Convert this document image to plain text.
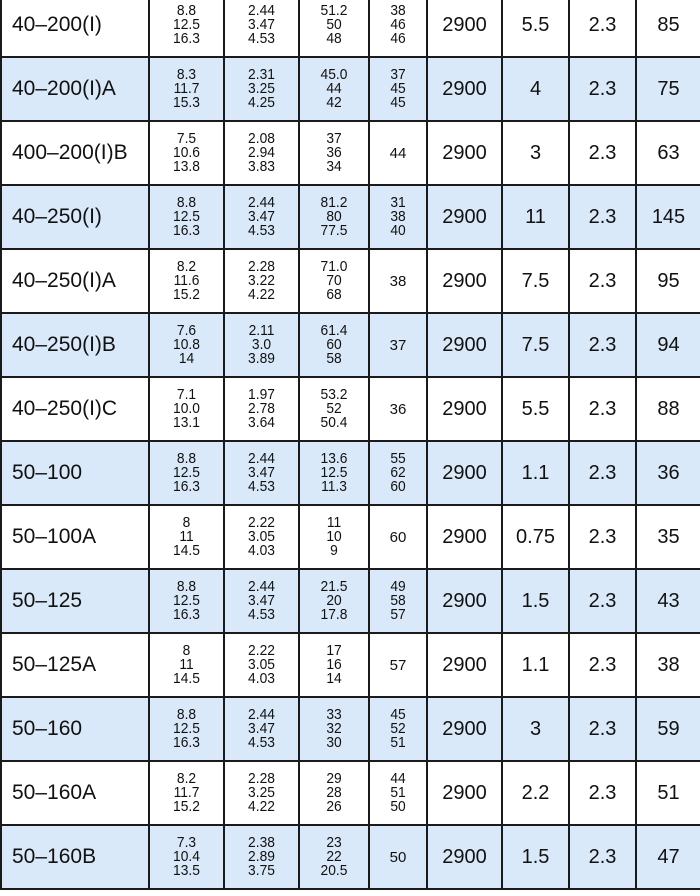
40–200(I)	8.8
12.5
16.3	2.44
3.47
4.53	51.2
50
48	38
46
46	2900	5.5	2.3	85
40–200(I)A	8.3
11.7
15.3	2.31
3.25
4.25	45.0
44
42	37
45
45	2900	4	2.3	75
400–200(I)B	7.5
10.6
13.8	2.08
2.94
3.83	37
36
34	44	2900	3	2.3	63
40–250(I)	8.8
12.5
16.3	2.44
3.47
4.53	81.2
80
77.5	31
38
40	2900	11	2.3	145
40–250(I)A	8.2
11.6
15.2	2.28
3.22
4.22	71.0
70
68	38	2900	7.5	2.3	95
40–250(I)B	7.6
10.8
14	2.11
3.0
3.89	61.4
60
58	37	2900	7.5	2.3	94
40–250(I)C	7.1
10.0
13.1	1.97
2.78
3.64	53.2
52
50.4	36	2900	5.5	2.3	88
50–100	8.8
12.5
16.3	2.44
3.47
4.53	13.6
12.5
11.3	55
62
60	2900	1.1	2.3	36
50–100A	8
11
14.5	2.22
3.05
4.03	11
10
9	60	2900	0.75	2.3	35
50–125	8.8
12.5
16.3	2.44
3.47
4.53	21.5
20
17.8	49
58
57	2900	1.5	2.3	43
50–125A	8
11
14.5	2.22
3.05
4.03	17
16
14	57	2900	1.1	2.3	38
50–160	8.8
12.5
16.3	2.44
3.47
4.53	33
32
30	45
52
51	2900	3	2.3	59
50–160A	8.2
11.7
15.2	2.28
3.25
4.22	29
28
26	44
51
50	2900	2.2	2.3	51
50–160B	7.3
10.4
13.5	2.38
2.89
3.75	23
22
20.5	50	2900	1.5	2.3	47
